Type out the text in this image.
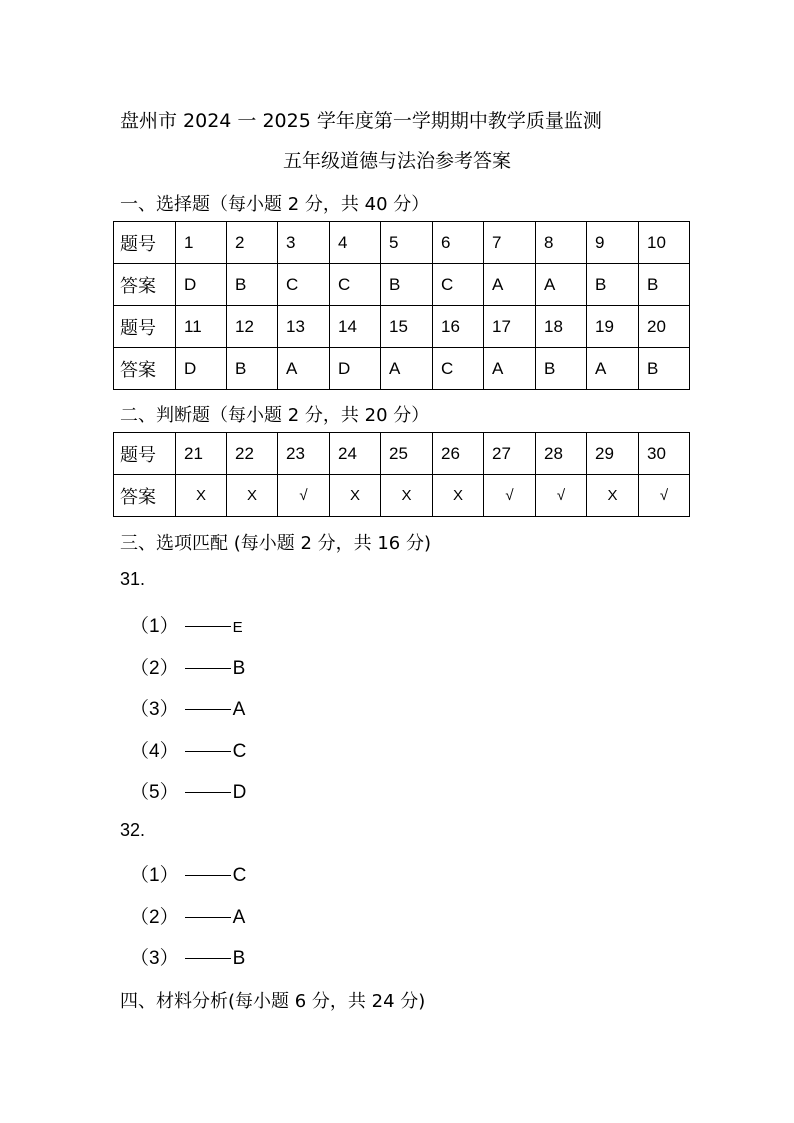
盘州市 2024 一 2025 学年度第一学期期中教学质量监测
五年级道德与法治参考答案
一、选择题（每小题 2 分，共 40 分）
题号	1	2	3	4	5	6	7	8	9	10
答案	D	B	C	C	B	C	A	A	B	B
题号	11	12	13	14	15	16	17	18	19	20
答案	D	B	A	D	A	C	A	B	A	B
二、判断题（每小题 2 分，共 20 分）
题号	21	22	23	24	25	26	27	28	29	30
答案	X	X	√	X	X	X	√	√	X	√
三、选项匹配 (每小题 2 分，共 16 分)
31.
（1）	E
（2）	B
（3）	A
（4）	C
（5）	D
32.
（1）	C
（2）	A
（3）	B
四、材料分析(每小题 6 分，共 24 分)
